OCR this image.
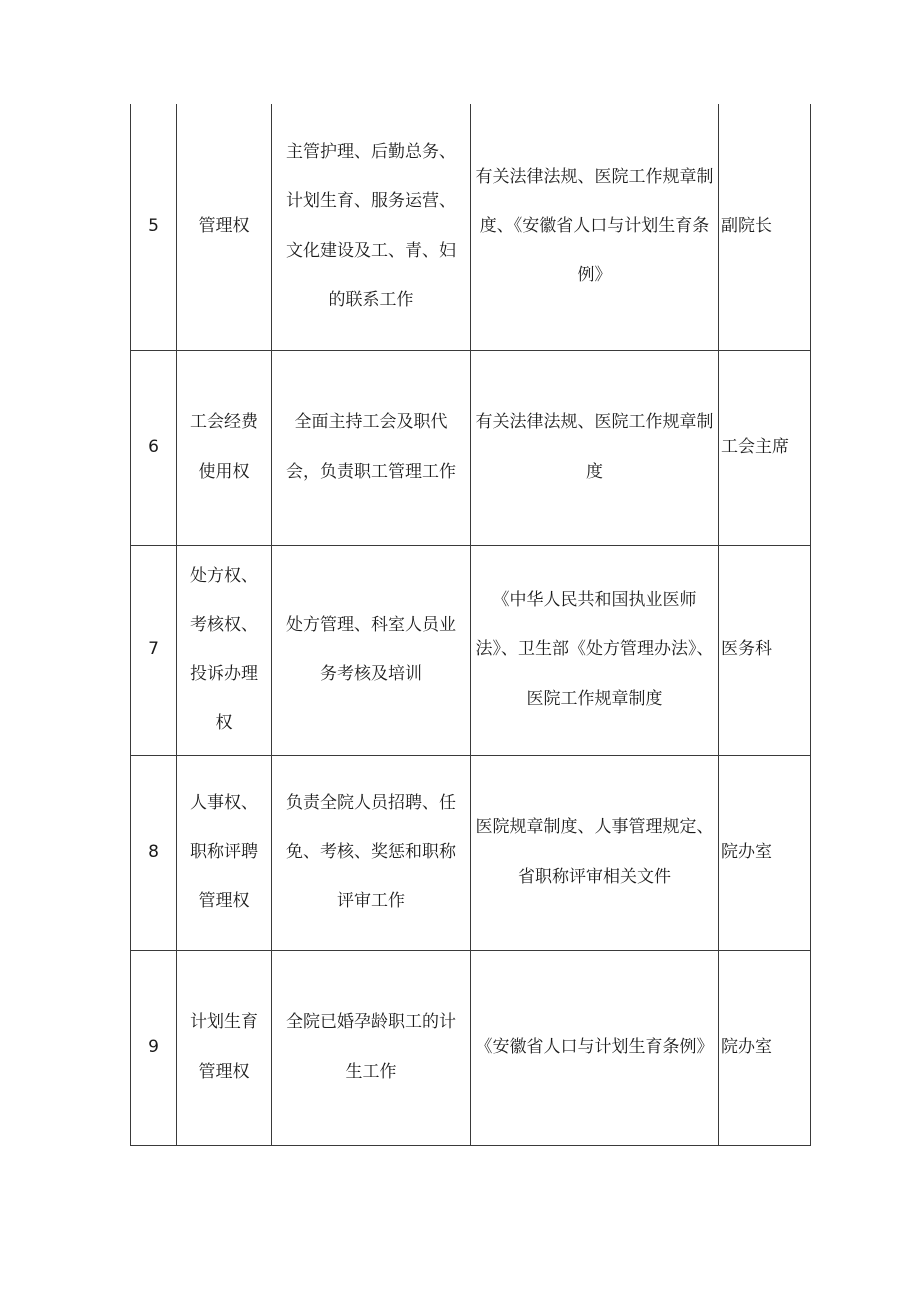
5	管理权	主管护理、后勤总务、计划生育、服务运营、文化建设及工、青、妇的联系工作	有关法律法规、医院工作规章制度、《安徽省人口与计划生育条例》	副院长
6	工会经费使用权	全面主持工会及职代会，负责职工管理工作	有关法律法规、医院工作规章制度	工会主席
7	处方权、考核权、投诉办理权	处方管理、科室人员业务考核及培训	《中华人民共和国执业医师法》、卫生部《处方管理办法》、医院工作规章制度	医务科
8	人事权、职称评聘管理权	负责全院人员招聘、任免、考核、奖惩和职称评审工作	医院规章制度、人事管理规定、省职称评审相关文件	院办室
9	计划生育管理权	全院已婚孕龄职工的计生工作	《安徽省人口与计划生育条例》	院办室
